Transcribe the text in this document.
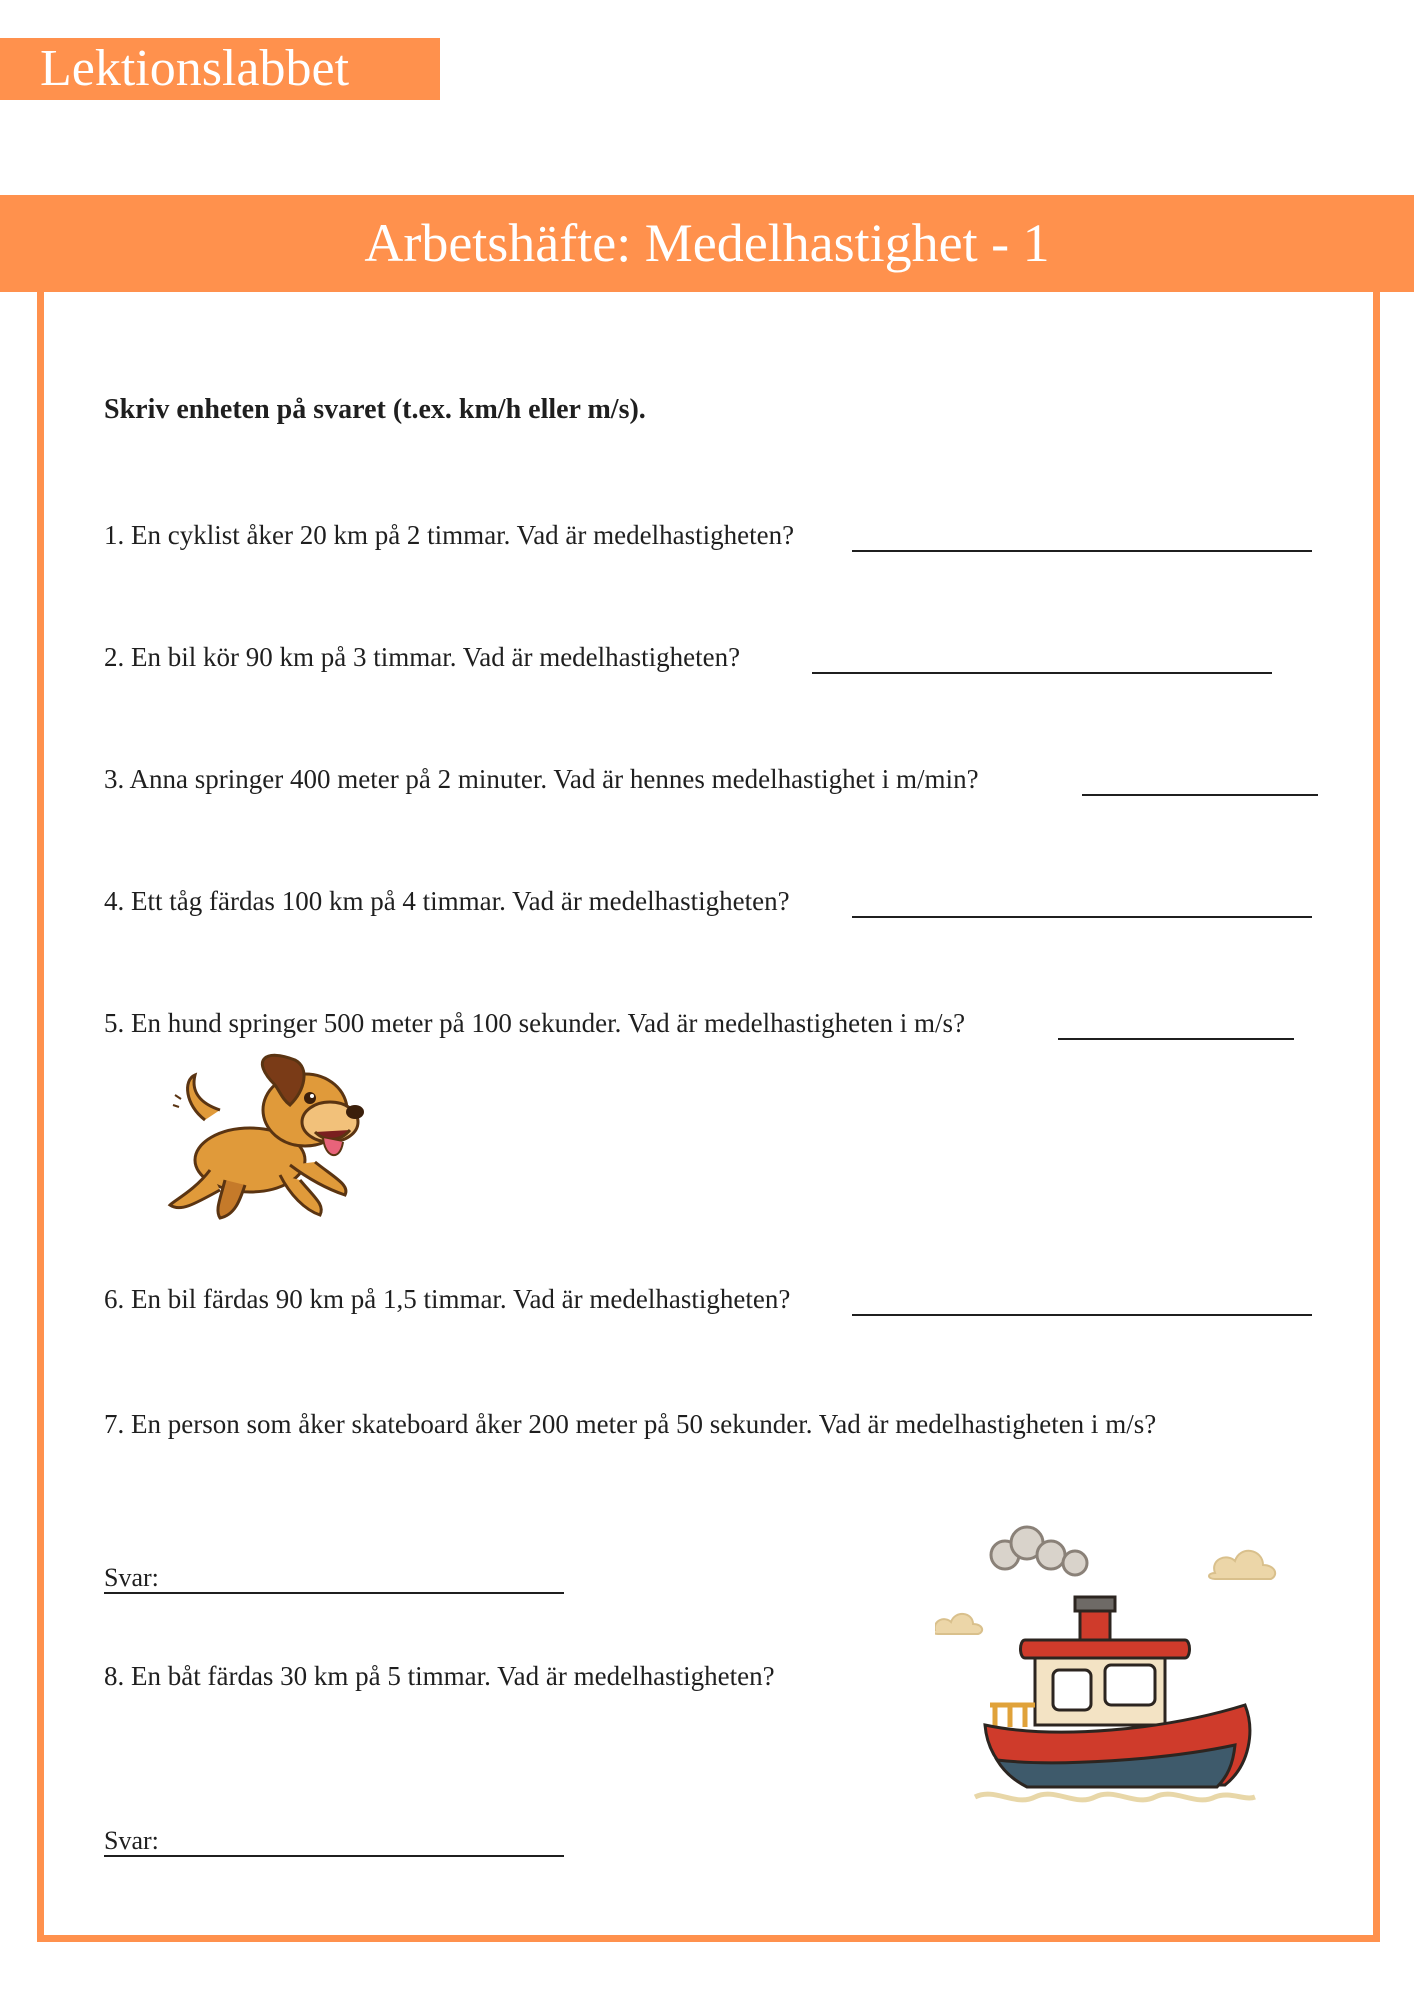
Lektionslabbet
Arbetshäfte: Medelhastighet - 1
Skriv enheten på svaret (t.ex. km/h eller m/s).
1. En cyklist åker 20 km på 2 timmar. Vad är medelhastigheten?
2. En bil kör 90 km på 3 timmar. Vad är medelhastigheten?
3. Anna springer 400 meter på 2 minuter. Vad är hennes medelhastighet i m/min?
4. Ett tåg färdas 100 km på 4 timmar. Vad är medelhastigheten?
5. En hund springer 500 meter på 100 sekunder. Vad är medelhastigheten i m/s?
6. En bil färdas 90 km på 1,5 timmar. Vad är medelhastigheten?
7. En person som åker skateboard åker 200 meter på 50 sekunder. Vad är medelhastigheten i m/s?
Svar:
8. En båt färdas 30 km på 5 timmar. Vad är medelhastigheten?
Svar:
